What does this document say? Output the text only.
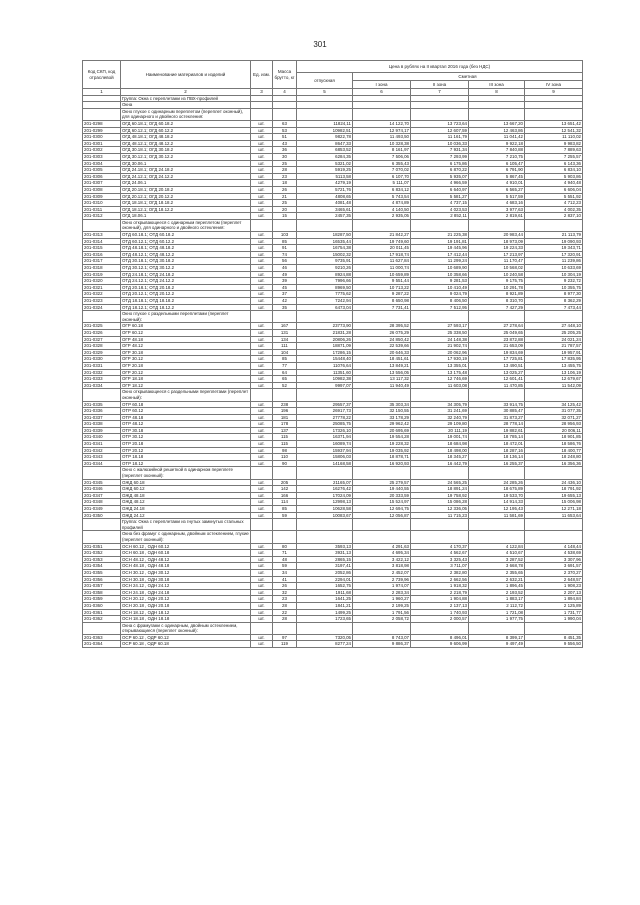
301
Код СКП, код отраслевой	Наименование материалов и изделий	Ед. изм.	Масса брутто, кг	Цена в рублях на II квартал 2016 года (без НДС)				
				отпускная	Сметная			
					I зона	II зона	III зона	IV зона
1	2	3	4	5	6	7	8	9
	Группа: Окна с переплетами из ПВХ-профилей							
	Окна							
	Окно глухое с одинарным переплетом (переплет оконный), для одинарного и двойного остекления:							
201-0298	ОГД 60.18.1; ОГД 60.18.2	шт.	63	11824,11	14 122,70	13 723,64	13 667,20	13 651,42
201-0299	ОГД 60.12.1; ОГД 60.12.2	шт.	53	10982,51	12 974,17	12 607,59	12 463,86	12 541,32
201-0300	ОГД 48.18.1; ОГД 48.18.2	шт.	51	9822,78	11 493,50	11 161,79	11 041,42	11 110,02
201-0301	ОГД 48.12.1; ОГД 48.12.2	шт.	43	8647,33	10 328,38	10 036,33	9 922,18	9 983,82
201-0302	ОГД 30.18.1; ОГД 30.18.2	шт.	36	6853,52	8 161,97	7 931,34	7 840,88	7 889,63
201-0303	ОГД 30.12.1; ОГД 30.12.2	шт.	30	6284,35	7 506,06	7 293,99	7 210,75	7 255,57
201-0304	ОГД 30.06.1	шт.	25	5321,02	6 355,43	6 175,86	6 105,47	6 143,36
201-0305	ОГД 24.18.1; ОГД 24.18.2	шт.	28	5919,25	7 070,02	6 870,22	6 791,90	6 834,10
201-0306	ОГД 24.12.1; ОГД 24.12.2	шт.	23	5113,58	6 107,70	5 935,07	5 867,45	5 903,86
201-0307	ОГД 24.06.1	шт.	18	4279,19	5 111,07	4 966,59	4 910,01	4 940,48
201-0308	ОГД 20.18.1; ОГД 20.18.2	шт.	26	5721,76	6 834,12	6 640,97	6 565,27	6 606,04
201-0309	ОГД 20.12.1; ОГД 20.12.2	шт.	21	4808,65	5 743,54	5 581,27	5 517,59	5 551,92
201-0310	ОГД 18.18.1; ОГД 18.18.2	шт.	25	4081,48	4 874,89	4 737,15	4 683,16	4 712,23
201-0311	ОГД 18.12.1; ОГД 18.12.2	шт.	20	3465,61	4 140,50	4 023,53	3 977,63	4 002,35
201-0312	ОГД 18.06.1	шт.	15	2457,35	2 935,05	2 852,11	2 819,61	2 837,10
	Окно открывающееся с одинарным переплетом (переплет оконный), для одинарного и двойного остекления:							
201-0313	ОТД 60.18.1; ОТД 60.18.2	шт.	103	18287,50	21 842,27	21 225,38	20 983,44	21 113,79
201-0314	ОТД 60.12.1; ОТД 60.12.2	шт.	85	16535,44	19 749,60	19 191,81	18 973,09	19 090,93
201-0315	ОТД 48.18.1; ОТД 48.18.2	шт.	91	16754,38	20 011,45	19 445,96	19 224,33	19 343,71
201-0316	ОТД 48.12.1; ОТД 48.12.2	шт.	74	15002,32	17 918,74	17 412,44	17 213,97	17 320,91
201-0317	ОТД 30.18.1; ОТД 30.18.2	шт.	56	9735,91	11 627,84	11 299,24	11 170,47	11 239,86
201-0318	ОТД 30.12.1; ОТД 30.12.2	шт.	46	9210,26	11 000,74	10 689,90	10 568,02	10 633,69
201-0319	ОТД 24.18.1; ОТД 24.18.2	шт.	49	8924,88	10 659,89	10 358,66	10 240,58	10 304,19
201-0320	ОТД 24.12.1; ОТД 24.12.2	шт.	39	7996,66	9 551,44	9 281,53	9 175,75	9 232,72
201-0321	ОТД 20.18.1; ОТД 20.18.2	шт.	45	8969,50	10 713,22	10 410,49	10 291,78	10 355,75
201-0322	ОТД 20.12.1; ОТД 20.12.2	шт.	37	7775,62	9 287,22	9 024,79	8 921,89	8 977,30
201-0323	ОТД 18.18.1; ОТД 18.18.2	шт.	42	7242,94	8 650,98	8 406,50	8 310,70	8 362,29
201-0324	ОТД 18.12.1; ОТД 18.12.2	шт.	35	6473,04	7 731,41	7 512,95	7 427,29	7 473,44
	Окно глухое с раздельными переплетами (переплет оконный):							
201-0325	ОГР 60.18	шт.	167	23773,90	28 395,52	27 593,17	27 278,64	27 448,10
201-0326	ОГР 60.12	шт.	131	21831,28	26 075,29	25 338,50	25 049,65	25 205,25
201-0327	ОГР 48.18	шт.	134	20806,26	24 850,42	24 148,38	23 872,88	24 021,24
201-0328	ОГР 48.12	шт.	111	18871,09	22 539,66	21 902,74	21 653,09	21 787,57
201-0329	ОГР 30.18	шт.	104	17286,15	20 646,33	20 062,96	19 834,69	19 957,91
201-0330	ОГР 30.12	шт.	85	15448,40	18 451,61	17 930,19	17 725,81	17 835,95
201-0331	ОГР 20.18	шт.	77	11076,64	13 849,21	13 355,01	13 490,51	13 455,75
201-0332	ОГР 20.12	шт.	64	11351,60	13 556,05	13 175,48	13 025,27	13 106,19
201-0333	ОГР 18.18	шт.	65	10982,38	13 117,32	12 746,69	12 601,41	12 679,67
201-0334	ОГР 18.12	шт.	52	9997,07	11 940,49	11 603,08	11 470,85	11 542,09
	Окно открывающееся с раздельными переплетами (переплет оконный):							
201-0335	ОТР 60.18	шт.	238	29557,37	35 303,34	34 305,79	33 914,75	34 125,42
201-0336	ОТР 60.12	шт.	196	26917,73	32 150,55	31 241,69	30 885,47	31 077,35
201-0337	ОТР 48.18	шт.	181	27778,22	33 178,29	32 240,79	31 873,27	32 071,27
201-0338	ОТР 48.12	шт.	178	25085,75	29 962,42	29 109,80	28 778,14	28 956,93
201-0339	ОТР 30.18	шт.	137	17326,10	20 695,69	20 111,19	19 882,61	20 006,11
201-0340	ОТР 30.12	шт.	115	16371,94	19 554,28	19 001,74	18 785,14	18 901,85
201-0341	ОТР 20.18	шт.	115	16089,74	19 228,32	18 684,98	18 472,01	18 586,76
201-0342	ОТР 20.12	шт.	98	15937,94	19 035,92	18 498,00	18 287,16	18 400,77
201-0343	ОТР 18.18	шт.	110	15806,03	18 878,71	18 345,27	18 136,14	18 248,80
201-0344	ОТР 18.12	шт.	90	14168,58	16 920,93	16 442,79	16 255,37	16 356,36
	Окно с жалюзийной решеткой в одинарном переплете (переплет оконный):							
201-0345	ОЖД 60.18	шт.	205	21165,07	25 279,57	24 565,25	24 285,26	24 436,10
201-0346	ОЖД 60.12	шт.	142	16276,42	19 440,55	18 891,24	18 675,89	18 791,92
201-0347	ОЖД 48.18	шт.	166	17024,09	20 333,59	19 758,92	19 533,70	19 655,13
201-0348	ОЖД 48.12	шт.	114	12998,13	15 524,97	15 086,28	14 914,33	15 006,98
201-0349	ОЖД 24.18	шт.	85	10628,58	12 694,75	12 336,05	12 195,43	12 271,18
201-0350	ОЖД 24.12	шт.	59	10083,67	12 056,87	11 715,23	11 581,69	11 653,64
	Группа: Окна с переплетами из гнутых замкнутых стальных профилей							
	Окна без фрамуг с одинарным, двойным остеклением, глухие (переплет оконный):							
201-0351	ОСН 60.12 , ОДН 60.12	шт.	80	3593,13	4 291,63	4 170,37	4 122,84	4 148,44
201-0352	ОСН 60.18 , ОДН 60.18	шт.	71	3931,13	4 695,34	4 562,67	4 510,67	4 538,69
201-0353	ОСН 48.12 , ОДН 48.12	шт.	48	2865,15	3 422,12	3 325,43	3 287,52	3 307,96
201-0354	ОСН 48.18 , ОДН 48.18	шт.	59	3197,41	3 818,98	3 711,07	3 668,78	3 691,57
201-0355	ОСН 30.12 , ОДН 30.12	шт.	34	2052,86	2 452,07	2 382,80	2 355,65	2 370,27
201-0356	ОСН 30.18 , ОДН 30.18	шт.	41	2294,01	2 739,96	2 662,56	2 632,21	2 648,57
201-0357	ОСН 24.12 , ОДН 24.12	шт.	26	1652,75	1 974,07	1 918,32	1 896,45	1 908,23
201-0358	ОСН 24.18 , ОДН 24.18	шт.	32	1911,68	2 283,34	2 218,79	2 193,52	2 207,13
201-0359	ОСН 20.12 , ОДН 20.12	шт.	23	1641,25	1 960,27	1 904,88	1 883,17	1 894,84
201-0360	ОСН 20.18 , ОДН 20.18	шт.	28	1841,21	2 199,25	2 137,13	2 112,72	2 125,89
201-0361	ОСН 18.12 , ОДН 18.12	шт.	22	1499,25	1 791,56	1 740,93	1 721,08	1 731,77
201-0362	ОСН 18.18 , ОДН 18.18	шт.	28	1723,65	2 058,72	2 000,57	1 977,75	1 990,04
	Окна с фрамугами с одинарным, двойным остеклением, открывающиеся (переплет оконный):							
201-0363	ОСР 60.12 , ОДР 60.12	шт.	97	7320,05	8 743,07	8 496,01	8 399,17	8 451,35
201-0364	ОСР 60.18 , ОДР 60.18	шт.	119	8277,24	9 886,37	9 606,99	9 497,49	9 556,50
